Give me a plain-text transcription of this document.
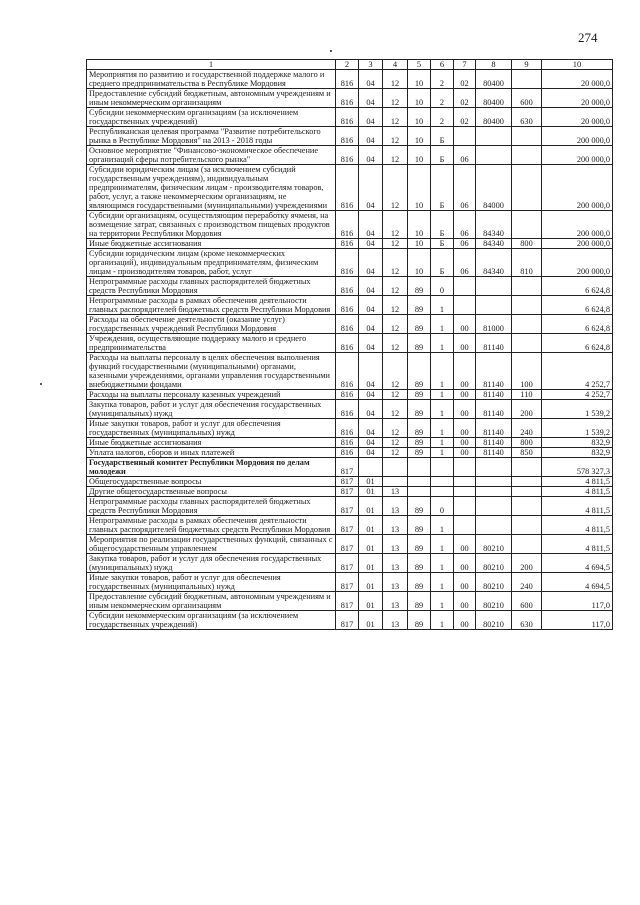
274
1	2	3	4	5	6	7	8	9	10
Мероприятия по развитию и государственной поддержке малого и среднего предпринимательства в Республике Мордовия	816	04	12	10	2	02	80400		20 000,0
Предоставление субсидий бюджетным, автономным учреждениям и иным некоммерческим организациям	816	04	12	10	2	02	80400	600	20 000,0
Субсидии некоммерческим организациям (за исключением государственных учреждений)	816	04	12	10	2	02	80400	630	20 000,0
Республиканская целевая программа "Развитие потребительского рынка в Республике Мордовия" на 2013 - 2018 годы	816	04	12	10	Б				200 000,0
Основное мероприятие "Финансово-экономическое обеспечение организаций сферы потребительского рынка"	816	04	12	10	Б	06			200 000,0
Субсидии юридическим лицам (за исключением субсидий государственным учреждениям), индивидуальным предпринимателям, физическим лицам - производителям товаров, работ, услуг, а также некоммерческим организациям, не являющимся государственными (муниципальными) учреждениями	816	04	12	10	Б	06	84000		200 000,0
Субсидии организациям, осуществляющим переработку ячменя, на возмещение затрат, связанных с производством пищевых продуктов на территории Республики Мордовия	816	04	12	10	Б	06	84340		200 000,0
Иные бюджетные ассигнования	816	04	12	10	Б	06	84340	800	200 000,0
Субсидии юридическим лицам (кроме некоммерческих организаций), индивидуальным предпринимателям, физическим лицам - производителям товаров, работ, услуг	816	04	12	10	Б	06	84340	810	200 000,0
Непрограммные расходы главных распорядителей бюджетных средств Республики Мордовия	816	04	12	89	0				6 624,8
Непрограммные расходы в рамках обеспечения деятельности главных распорядителей бюджетных средств Республики Мордовия	816	04	12	89	1				6 624,8
Расходы на обеспечение деятельности (оказание услуг) государственных учреждений Республики Мордовия	816	04	12	89	1	00	81000		6 624,8
Учреждения, осуществляющие поддержку малого и среднего предпринимательства	816	04	12	89	1	00	81140		6 624,8
Расходы на выплаты персоналу в целях обеспечения выполнения функций государственными (муниципальными) органами, казенными учреждениями, органами управления государственными внебюджетными фондами	816	04	12	89	1	00	81140	100	4 252,7
Расходы на выплаты персоналу казенных учреждений	816	04	12	89	1	00	81140	110	4 252,7
Закупка товаров, работ и услуг для обеспечения государственных (муниципальных) нужд	816	04	12	89	1	00	81140	200	1 539,2
Иные закупки товаров, работ и услуг для обеспечения государственных (муниципальных) нужд	816	04	12	89	1	00	81140	240	1 539,2
Иные бюджетные ассигнования	816	04	12	89	1	00	81140	800	832,9
Уплата налогов, сборов и иных платежей	816	04	12	89	1	00	81140	850	832,9
Государственный комитет Республики Мордовия по делам молодежи	817								578 327,3
Общегосударственные вопросы	817	01							4 811,5
Другие общегосударственные вопросы	817	01	13						4 811,5
Непрограммные расходы главных распорядителей бюджетных средств Республики Мордовия	817	01	13	89	0				4 811,5
Непрограммные расходы в рамках обеспечения деятельности главных распорядителей бюджетных средств Республики Мордовия	817	01	13	89	1				4 811,5
Мероприятия по реализации государственных функций, связанных с общегосударственным управлением	817	01	13	89	1	00	80210		4 811,5
Закупка товаров, работ и услуг для обеспечения государственных (муниципальных) нужд	817	01	13	89	1	00	80210	200	4 694,5
Иные закупки товаров, работ и услуг для обеспечения государственных (муниципальных) нужд	817	01	13	89	1	00	80210	240	4 694,5
Предоставление субсидий бюджетным, автономным учреждениям и иным некоммерческим организациям	817	01	13	89	1	00	80210	600	117,0
Субсидии некоммерческим организациям (за исключением государственных учреждений)	817	01	13	89	1	00	80210	630	117,0
